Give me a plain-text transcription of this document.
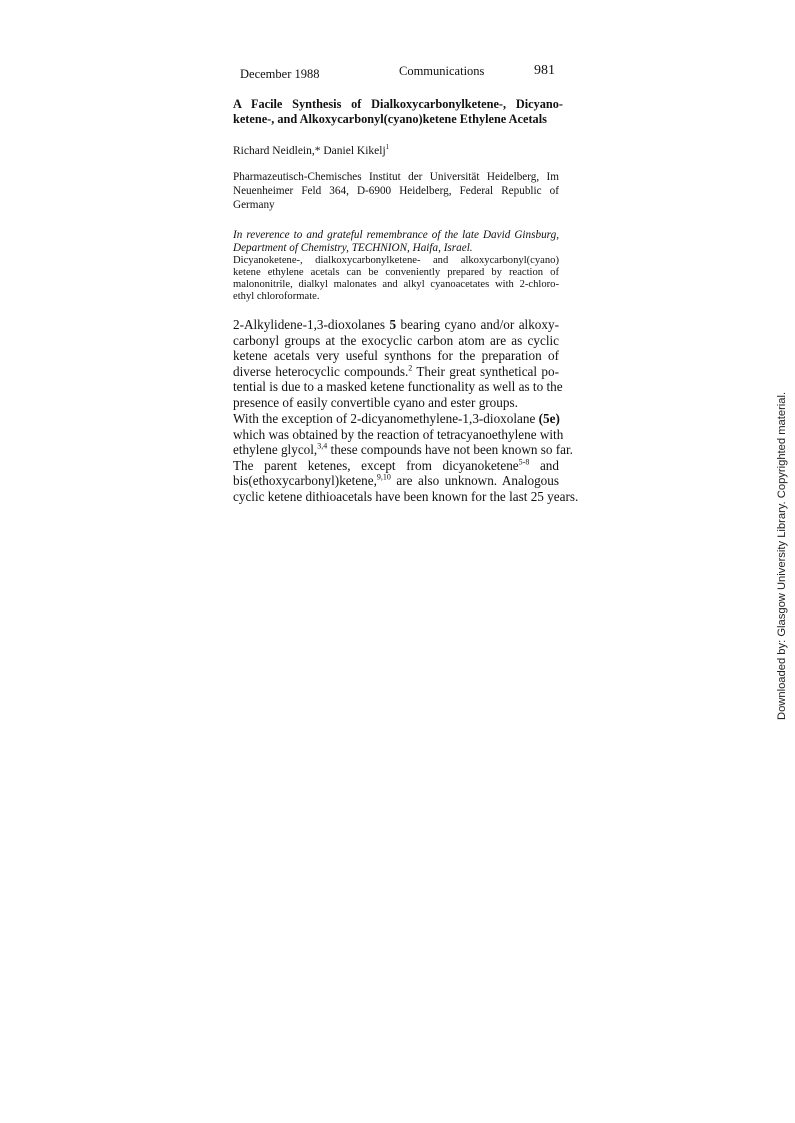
December 1988	Communications	981
A Facile Synthesis of Dialkoxycarbonylketene-, Dicyano-
ketene-, and Alkoxycarbonyl(cyano)ketene Ethylene Acetals
Richard Neidlein,* Daniel Kikelj$^1$
Pharmazeutisch-Chemisches Institut der Universität Heidelberg, Im
Neuenheimer Feld 364, D-6900 Heidelberg, Federal Republic of
Germany
In reverence to and grateful remembrance of the late David Ginsburg,
Department of Chemistry, TECHNION, Haifa, Israel.
Dicyanoketene-, dialkoxycarbonylketene- and alkoxycarbonyl(cyano)
ketene ethylene acetals can be conveniently prepared by reaction of
malononitrile, dialkyl malonates and alkyl cyanoacetates with 2-chloro-
ethyl chloroformate.
2-Alkylidene-1,3-dioxolanes 5 bearing cyano and/or alkoxy-
carbonyl groups at the exocyclic carbon atom are as cyclic
ketene acetals very useful synthons for the preparation of
diverse heterocyclic compounds.$^2$ Their great synthetical po-
tential is due to a masked ketene functionality as well as to the
presence of easily convertible cyano and ester groups.
With the exception of 2-dicyanomethylene-1,3-dioxolane (5e)
which was obtained by the reaction of tetracyanoethylene with
ethylene glycol,$^{3,4}$ these compounds have not been known so far.
The parent ketenes, except from dicyanoketene$^{5-8}$ and
bis(ethoxycarbonyl)ketene,$^{9,10}$ are also unknown. Analogous
cyclic ketene dithioacetals have been known for the last 25 years.	Downloaded by: Glasgow University Library. Copyrighted material.
